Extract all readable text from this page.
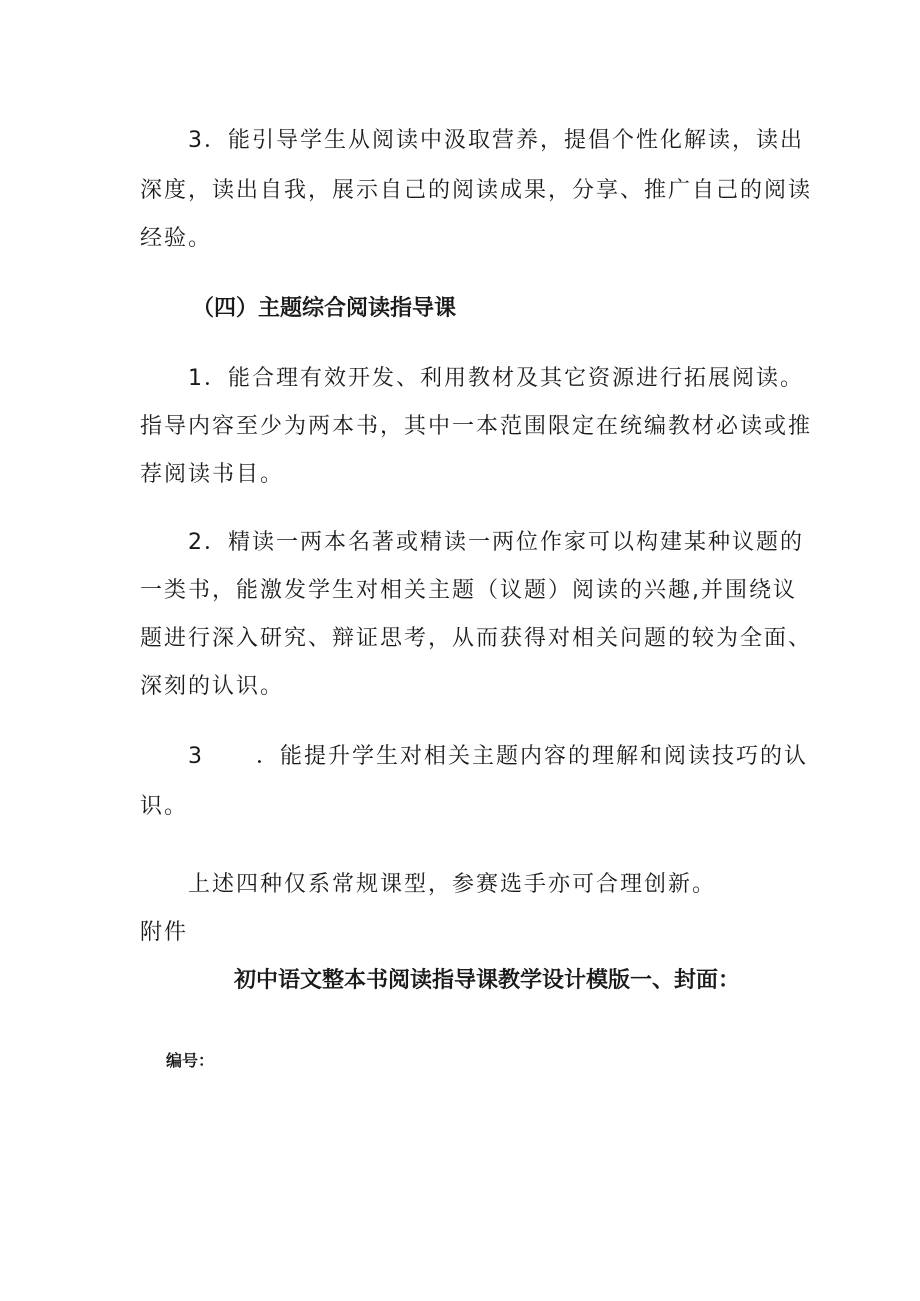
3．能引导学生从阅读中汲取营养，提倡个性化解读，读出
深度，读出自我，展示自己的阅读成果，分享、推广自己的阅读
经验。
（四）主题综合阅读指导课
1．能合理有效开发、利用教材及其它资源进行拓展阅读。
指导内容至少为两本书，其中一本范围限定在统编教材必读或推
荐阅读书目。
2．精读一两本名著或精读一两位作家可以构建某种议题的
一类书，能激发学生对相关主题（议题）阅读的兴趣,并围绕议
题进行深入研究、辩证思考，从而获得对相关问题的较为全面、
深刻的认识。
3 ．能提升学生对相关主题内容的理解和阅读技巧的认
识。
上述四种仅系常规课型，参赛选手亦可合理创新。
附件
初中语文整本书阅读指导课教学设计模版一、封面：
编号：
